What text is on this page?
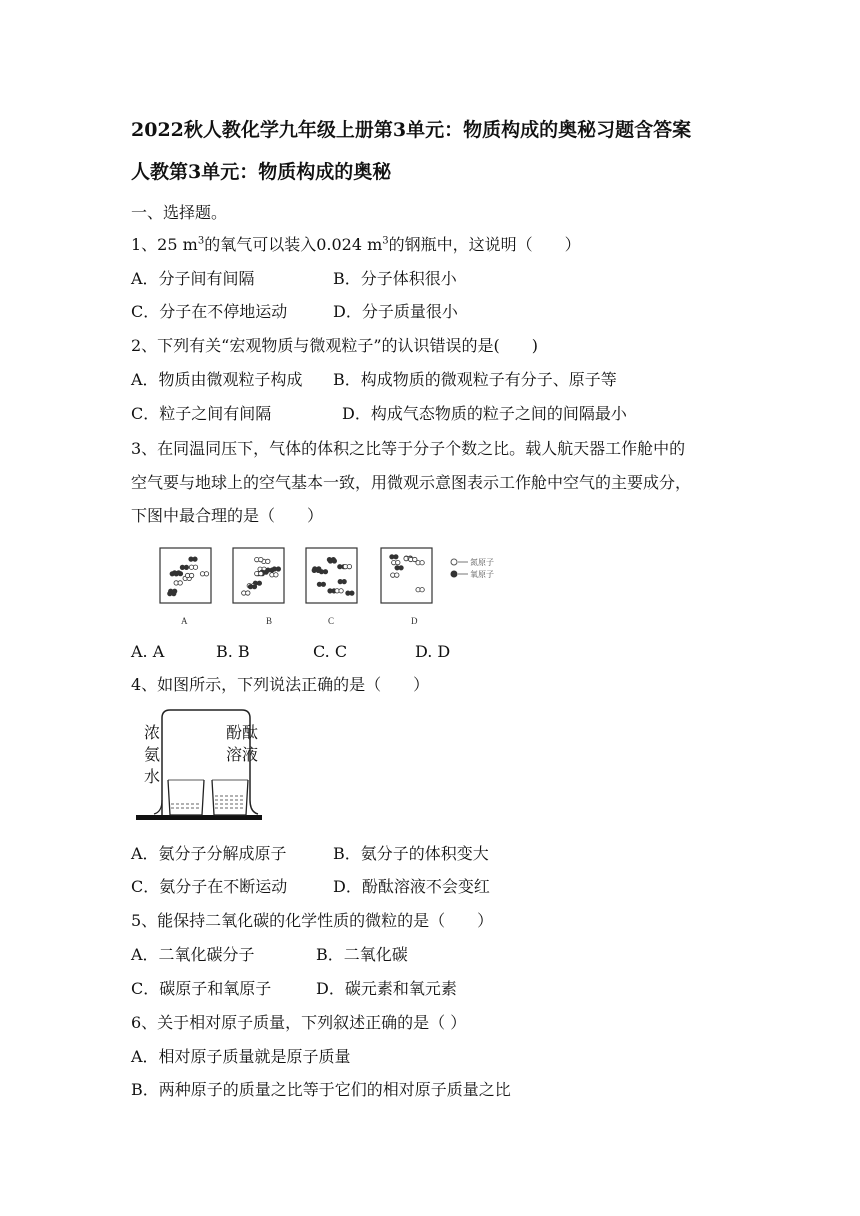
2022秋人教化学九年级上册第3单元：物质构成的奥秘习题含答案
人教第3单元：物质构成的奥秘
一、选择题。
1、25 $m^3$的氧气可以装入0.024 $m^3$的钢瓶中，这说明（　　）
A．分子间有间隔	B．分子体积很小
C．分子在不停地运动	D．分子质量很小
2、下列有关“宏观物质与微观粒子”的认识错误的是(　　)
A．物质由微观粒子构成 B．构成物质的微观粒子有分子、原子等
C．粒子之间有间隔	D．构成气态物质的粒子之间的间隔最小
3、在同温同压下，气体的体积之比等于分子个数之比。载人航天器工作舱中的
空气要与地球上的空气基本一致，用微观示意图表示工作舱中空气的主要成分，
下图中最合理的是（　　）
氮原子
氧原子
A	B	C	D
A. A	B. B	C. C	D. D
4、如图所示，下列说法正确的是（　　）
浓
氨
水
酚酞
溶液
A．氨分子分解成原子	B．氨分子的体积变大
C．氨分子在不断运动	D．酚酞溶液不会变红
5、能保持二氧化碳的化学性质的微粒的是（　　）
A．二氧化碳分子	B．二氧化碳
C．碳原子和氧原子	D．碳元素和氧元素
6、关于相对原子质量，下列叙述正确的是（ ）
A．相对原子质量就是原子质量
B．两种原子的质量之比等于它们的相对原子质量之比
